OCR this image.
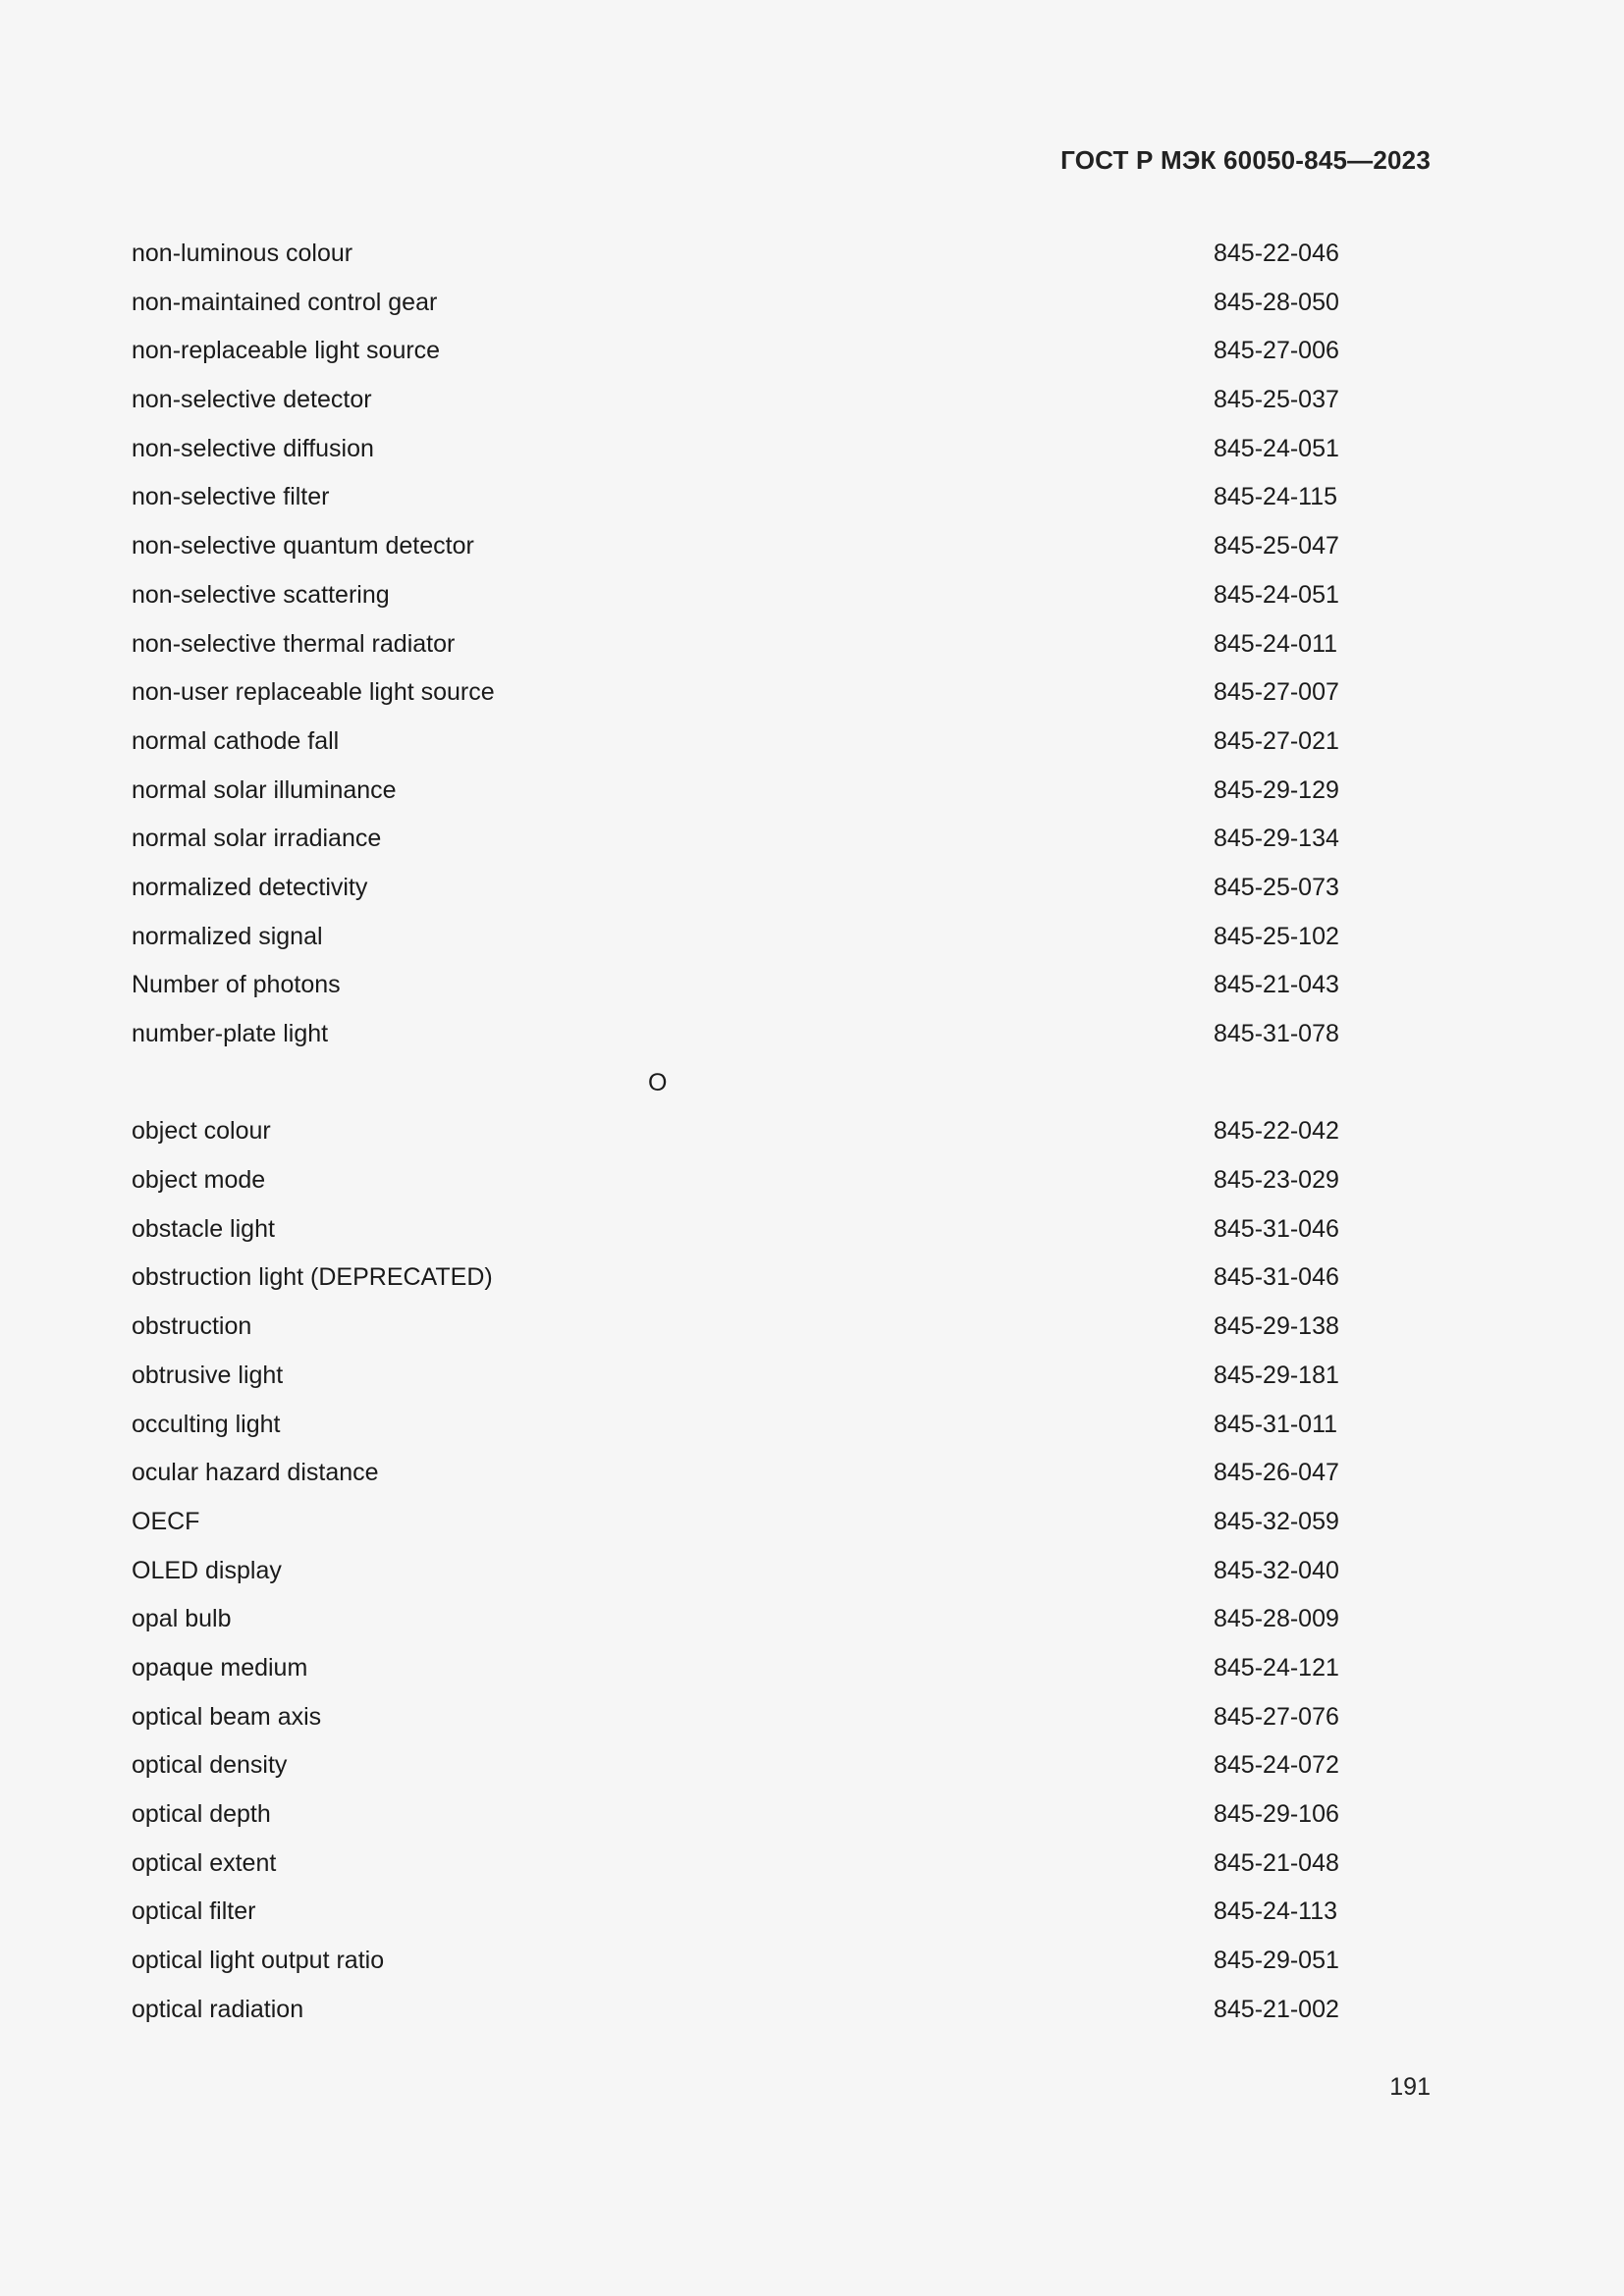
ГОСТ Р МЭК 60050-845—2023
non-luminous colour	845-22-046
non-maintained control gear	845-28-050
non-replaceable light source	845-27-006
non-selective detector	845-25-037
non-selective diffusion	845-24-051
non-selective filter	845-24-115
non-selective quantum detector	845-25-047
non-selective scattering	845-24-051
non-selective thermal radiator	845-24-011
non-user replaceable light source	845-27-007
normal cathode fall	845-27-021
normal solar illuminance	845-29-129
normal solar irradiance	845-29-134
normalized detectivity	845-25-073
normalized signal	845-25-102
Number of photons	845-21-043
number-plate light	845-31-078
O
object colour	845-22-042
object mode	845-23-029
obstacle light	845-31-046
obstruction light (DEPRECATED)	845-31-046
obstruction	845-29-138
obtrusive light	845-29-181
occulting light	845-31-011
ocular hazard distance	845-26-047
OECF	845-32-059
OLED display	845-32-040
opal bulb	845-28-009
opaque medium	845-24-121
optical beam axis	845-27-076
optical density	845-24-072
optical depth	845-29-106
optical extent	845-21-048
optical filter	845-24-113
optical light output ratio	845-29-051
optical radiation	845-21-002
191
